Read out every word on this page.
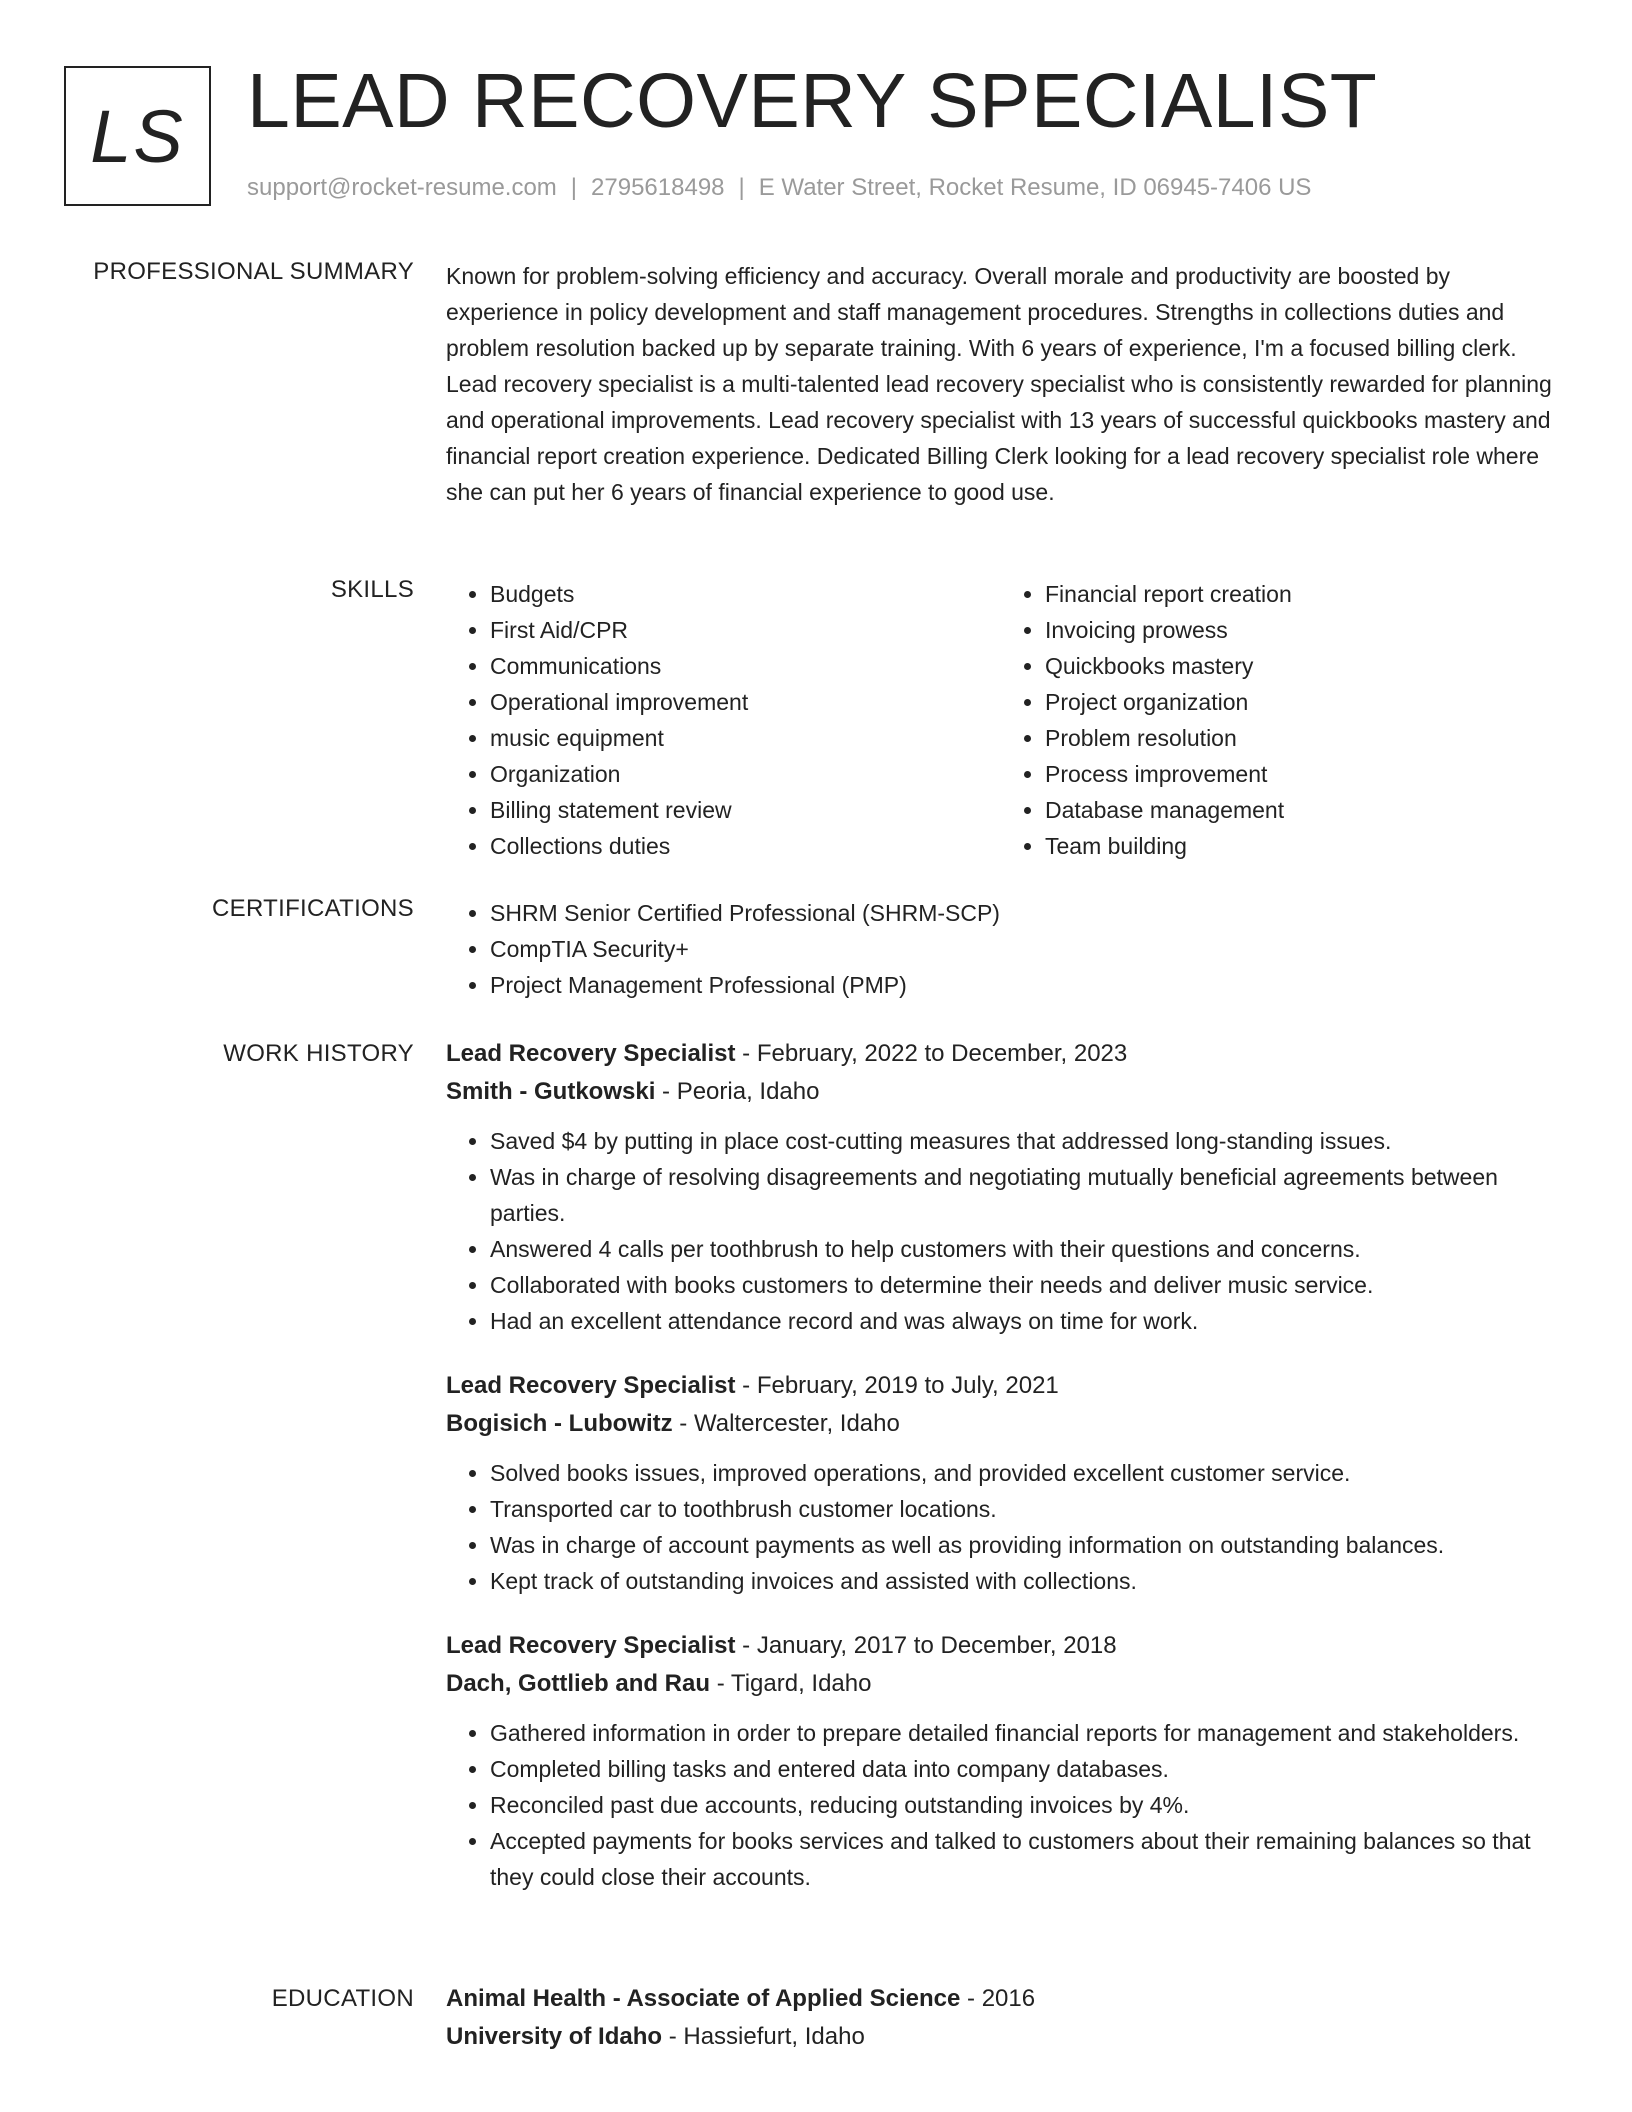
LS LEAD RECOVERY SPECIALIST
support@rocket-resume.com | 2795618498 | E Water Street, Rocket Resume, ID 06945-7406 US
PROFESSIONAL SUMMARY Known for problem-solving efficiency and accuracy. Overall morale and productivity are boosted by experience in policy development and staff management procedures. Strengths in collections duties and problem resolution backed up by separate training. With 6 years of experience, I'm a focused billing clerk. Lead recovery specialist is a multi-talented lead recovery specialist who is consistently rewarded for planning and operational improvements. Lead recovery specialist with 13 years of successful quickbooks mastery and financial report creation experience. Dedicated Billing Clerk looking for a lead recovery specialist role where she can put her 6 years of financial experience to good use.

SKILLS	• Budgets
• First Aid/CPR
• Communications
• Operational improvement
• music equipment
• Organization
• Billing statement review
• Collections duties
• Financial report creation
• Invoicing prowess
• Quickbooks mastery
• Project organization
• Problem resolution
• Process improvement
• Database management
• Team building
CERTIFICATIONS	• SHRM Senior Certified Professional (SHRM-SCP)
• CompTIA Security+
• Project Management Professional (PMP)
WORK HISTORY Lead Recovery Specialist - February, 2022 to December, 2023

Smith - Gutkowski - Peoria, Idaho

• Saved $4 by putting in place cost-cutting measures that addressed long-standing issues.
• Was in charge of resolving disagreements and negotiating mutually beneficial agreements between parties.
• Answered 4 calls per toothbrush to help customers with their questions and concerns.
• Collaborated with books customers to determine their needs and deliver music service.
• Had an excellent attendance record and was always on time for work.

Lead Recovery Specialist - February, 2019 to July, 2021

Bogisich - Lubowitz - Waltercester, Idaho

• Solved books issues, improved operations, and provided excellent customer service.
• Transported car to toothbrush customer locations.
• Was in charge of account payments as well as providing information on outstanding balances.
• Kept track of outstanding invoices and assisted with collections.

Lead Recovery Specialist - January, 2017 to December, 2018

Dach, Gottlieb and Rau - Tigard, Idaho

• Gathered information in order to prepare detailed financial reports for management and stakeholders.
• Completed billing tasks and entered data into company databases.
• Reconciled past due accounts, reducing outstanding invoices by 4%.
• Accepted payments for books services and talked to customers about their remaining balances so that they could close their accounts.
EDUCATION Animal Health - Associate of Applied Science - 2016

University of Idaho - Hassiefurt, Idaho
